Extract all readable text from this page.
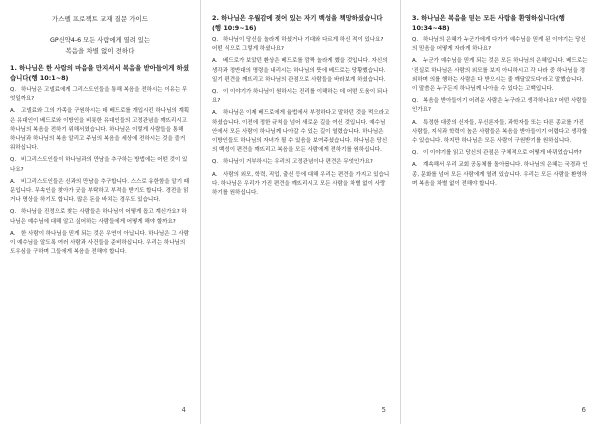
가스펠 프로젝트 교재 질문 가이드
GP신약4-6 모든 사람에게 열려 있는
복음을 차별 없이 전하다
1. 하나님은 한 사람의 마음을 만지셔서 복음을 받아들이게 하셨습니다(행 10:1~8)
Q. 하나님은 고넬료에게 그리스도인들을 통해 복음을 전하시는 이유는 무엇일까요?
A. 고넬료와 그의 가족을 구원하시는 데 베드로를 개입시킨 하나님의 계획은 유대인이 베드로와 이방인을 비롯한 유대인들의 고정관념을 깨뜨리시고 하나님의 복음을 전하기 위해서였습니다. 하나님은 이렇게 사람들을 통해 하나님과 하나님의 복음 알리고 주님의 복음을 세상에 전하시는 것을 즐거워하십니다.
Q. 비그리스도인들이 하나님과의 만남을 추구하는 방법에는 어떤 것이 있나요?
A. 비그리스도인들은 신과의 만남을 추구합니다. 스스로 유한함을 알기 때문입니다. 무속인을 찾아가 굿을 부탁하고 부적을 받기도 합니다. 경전을 읽거나 명상을 하기도 합니다. 많은 돈을 바치는 경우도 있습니다.
Q. 하나님을 진정으로 찾는 사람들은 하나님이 어떻게 돕고 계신가요? 하나님은 예수님에 대해 알고 싶어하는 사람들에게 어떻게 해야 할까요?
A. 한 사람이 하나님을 믿게 되는 것은 우연이 아닙니다. 하나님은 그 사람이 예수님을 알도록 여러 사람과 사건들을 준비하십니다. 우리는 하나님의 도우심을 구하며 그들에게 복음을 전해야 합니다.
4
2. 하나님은 우월감에 젖어 있는 자기 백성을 책망하셨습니다(행 10:9~16)
Q. 하나님이 당신을 놀라게 하셨거나 기대와 다르게 하신 적이 있나요? 어떤 식으로 그렇게 하셨나요?
A. 베드로가 보았던 환상은 베드로를 깜짝 놀라게 했을 것입니다. 자신의 생각과 정반대의 명령을 내리시는 하나님의 뜻에 베드로는 당황했습니다. 일기 편견을 깨뜨리고 하나님의 관점으로 사람들을 바라보게 하셨습니다.
Q. 이 이야기가 하나님이 원하시는 진리를 이해하는 데 어떤 도움이 되나요?
A. 하나님은 이제 베드로에게 율법에서 부정하다고 말하던 것을 먹으라고 하셨습니다. 이전에 정한 규칙을 넘어 새로운 길을 여신 것입니다. 예수님 안에서 모든 사람이 하나님께 나아갈 수 있는 길이 열렸습니다. 하나님은 이방인들도 하나님의 자녀가 될 수 있음을 보여주셨습니다. 하나님은 당신의 백성이 편견을 깨뜨리고 복음을 모든 사람에게 전하기를 원하십니다.
Q. 하나님이 거부하시는 우리의 고정관념이나 편견은 무엇인가요?
A. 사람의 외모, 학력, 직업, 출신 등에 대해 우리는 편견을 가지고 있습니다. 하나님은 우리가 가진 편견을 깨뜨리시고 모든 사람을 차별 없이 사랑하기를 원하십니다.
5
3. 하나님은 복음을 믿는 모든 사람을 환영하십니다(행 10:34~48)
Q. 하나님의 은혜가 누군가에게 다가가 예수님을 믿게 된 이야기는 당신의 믿음을 어떻게 자라게 하나요?
A. 누군가 예수님을 믿게 되는 것은 모든 하나님의 은혜입니다. 베드로는 '진실로 하나님은 사람의 외모를 보지 아니하시고 각 나라 중 하나님을 경외하며 의를 행하는 사람은 다 받으시는 줄 깨달았도다'라고 말했습니다. 이 말씀은 누구든지 하나님께 나아올 수 있다는 고백입니다.
Q. 복음을 받아들이기 어려운 사람은 누구라고 생각하나요? 어떤 사람들인가요?
A. 특정한 대중의 신자들, 무신론자들, 과학자들 또는 다른 종교를 가진 사람들, 지식과 학력이 높은 사람들은 복음을 받아들이기 어렵다고 생각할 수 있습니다. 하지만 하나님은 모든 사람이 구원받기를 원하십니다.
Q. 이 이야기를 읽고 당신의 관점은 구체적으로 어떻게 바뀌었습니까?
A. 계속해서 우리 교회 공동체를 돌아봅니다. 하나님의 은혜는 국경과 인종, 문화를 넘어 모든 사람에게 열려 있습니다. 우리는 모든 사람을 환영하며 복음을 차별 없이 전해야 합니다.
6
